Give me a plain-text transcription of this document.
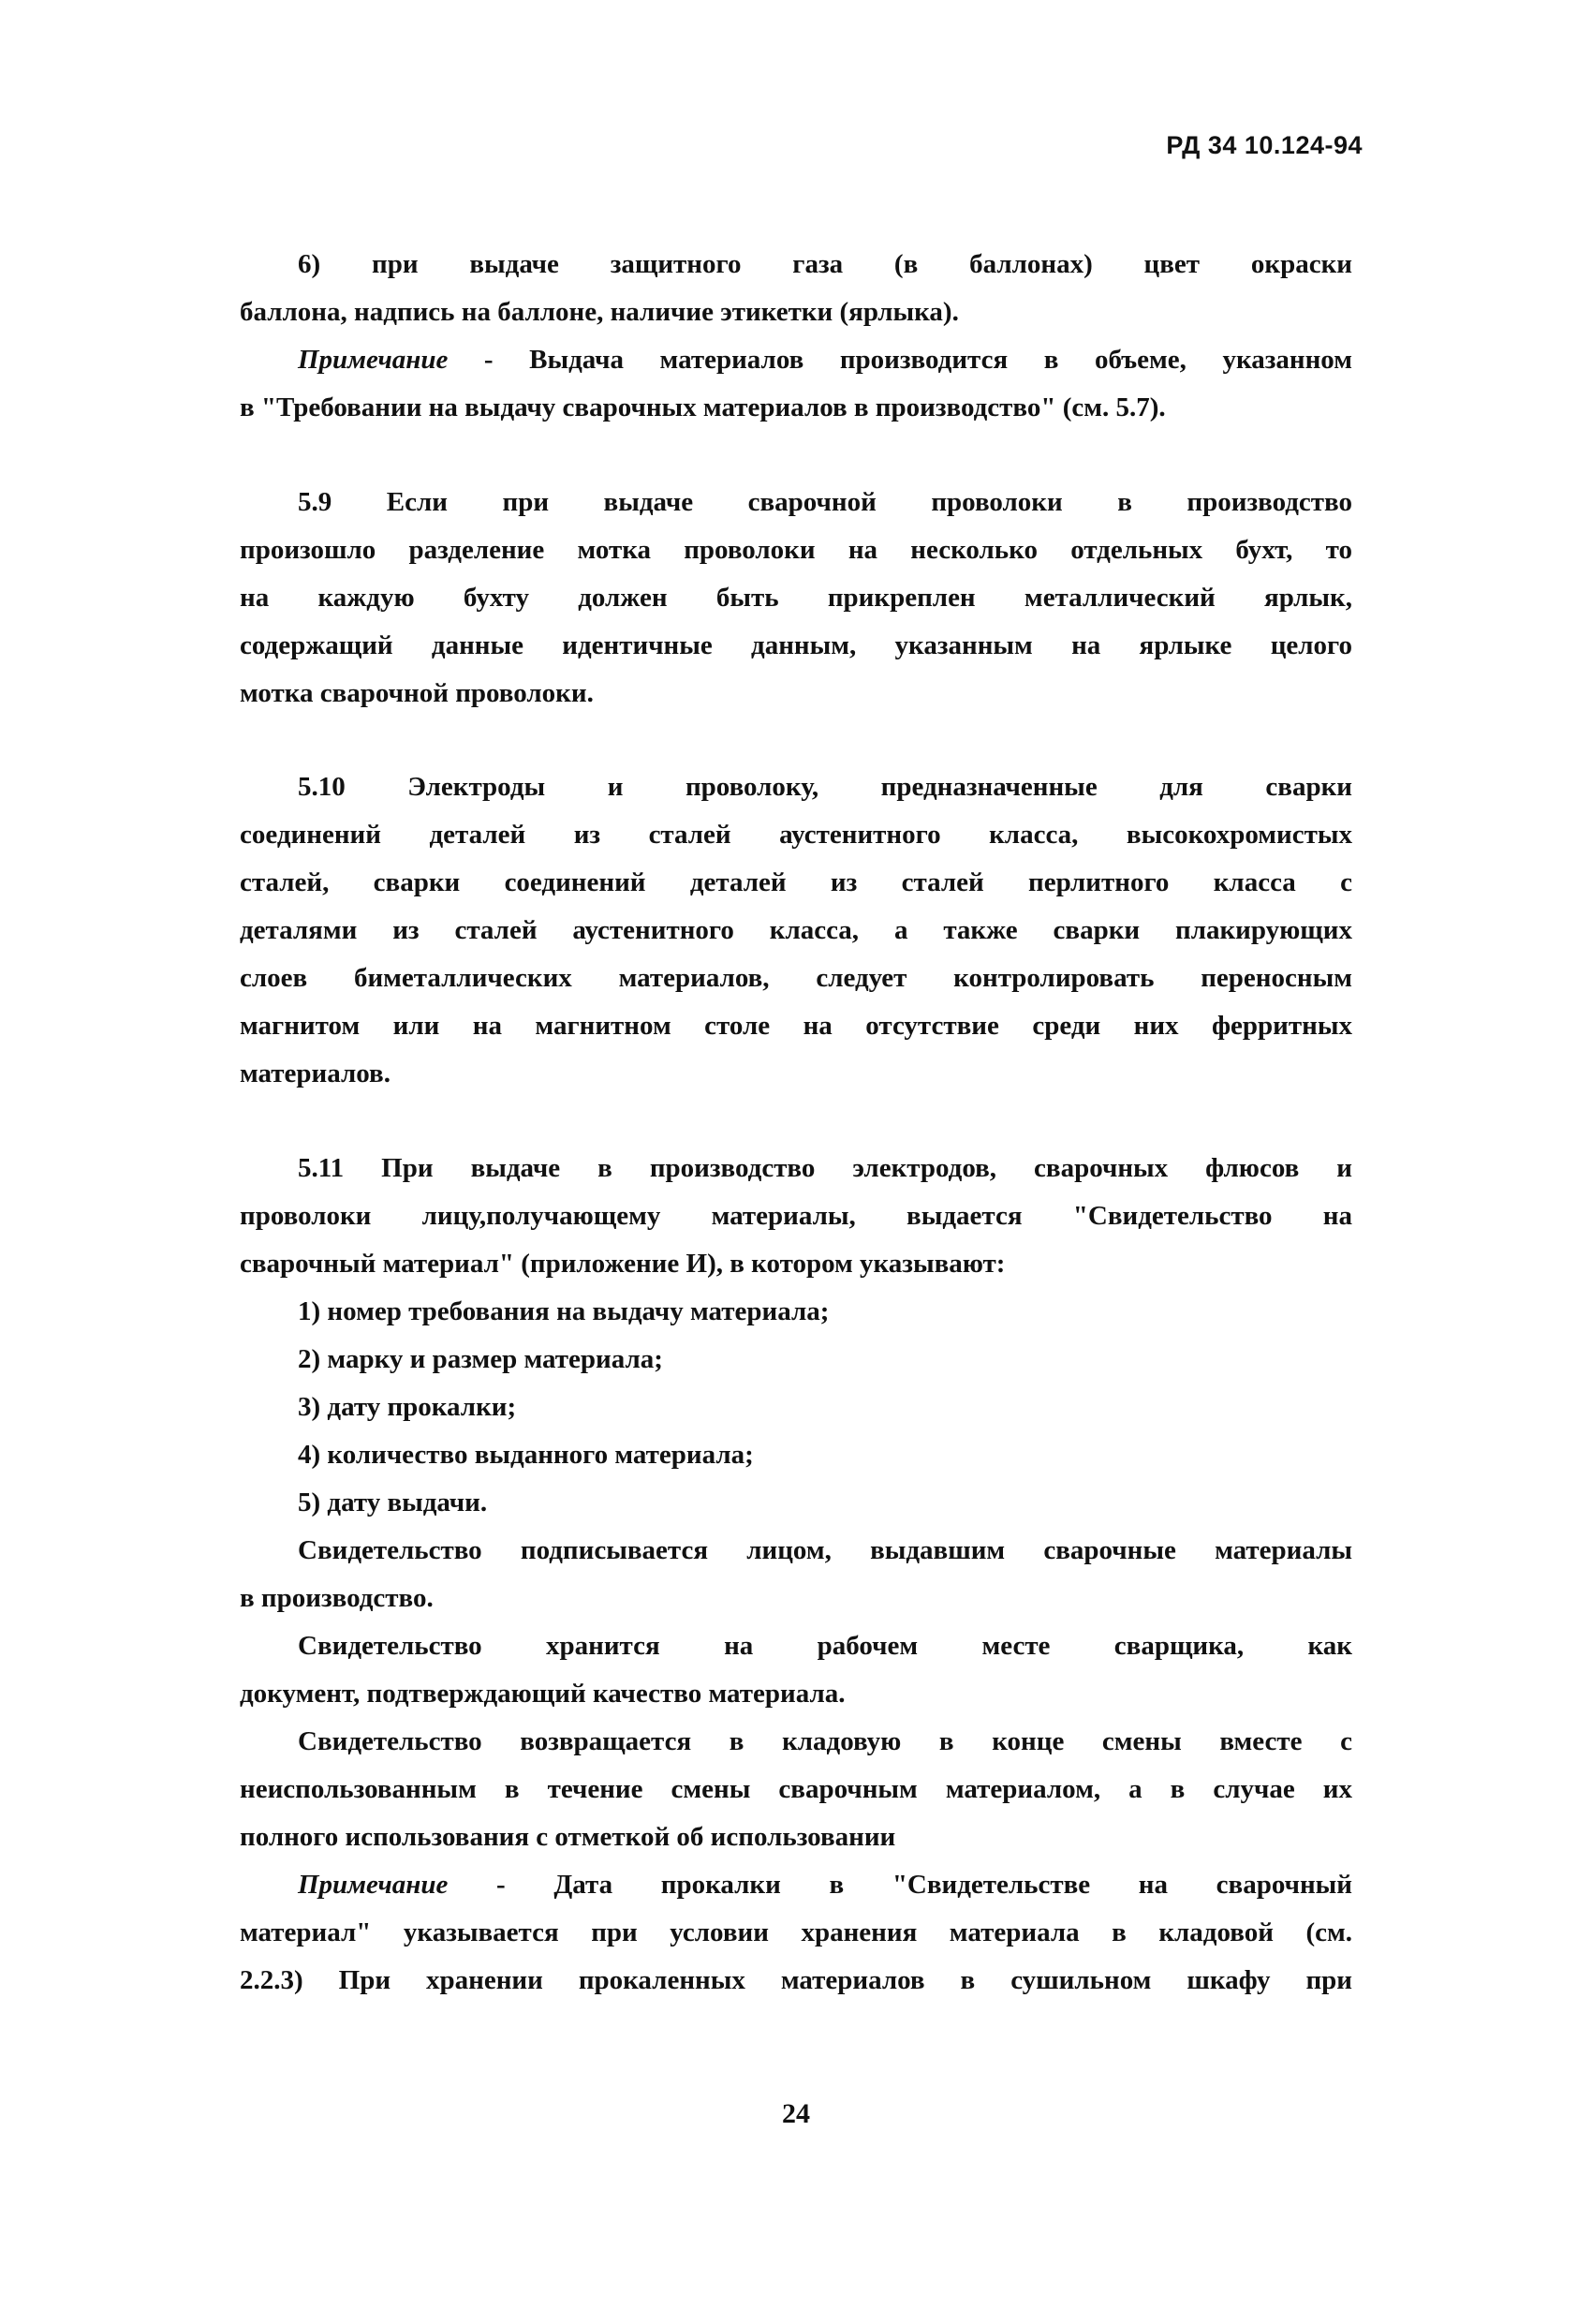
РД 34 10.124-94
6) при выдаче защитного газа (в баллонах) цвет окраски
баллона, надпись на баллоне, наличие этикетки (ярлыка).
Примечание - Выдача материалов производится в объеме, указанном
в "Требовании на выдачу сварочных материалов в производство" (см. 5.7).
5.9 Если при выдаче сварочной проволоки в производство
произошло разделение мотка проволоки на несколько отдельных бухт, то
на каждую бухту должен быть прикреплен металлический ярлык,
содержащий данные идентичные данным, указанным на ярлыке целого
мотка сварочной проволоки.
5.10 Электроды и проволоку, предназначенные для сварки
соединений деталей из сталей аустенитного класса, высокохромистых
сталей, сварки соединений деталей из сталей перлитного класса с
деталями из сталей аустенитного класса, а также сварки плакирующих
слоев биметаллических материалов, следует контролировать переносным
магнитом или на магнитном столе на отсутствие среди них ферритных
материалов.
5.11 При выдаче в производство электродов, сварочных флюсов и
проволоки лицу,получающему материалы, выдается "Свидетельство на
сварочный материал" (приложение И), в котором указывают:
1) номер требования на выдачу материала;
2) марку и размер материала;
3) дату прокалки;
4) количество выданного материала;
5) дату выдачи.
Свидетельство подписывается лицом, выдавшим сварочные материалы
в производство.
Свидетельство хранится на рабочем месте сварщика, как
документ, подтверждающий качество материала.
Свидетельство возвращается в кладовую в конце смены вместе с
неиспользованным в течение смены сварочным материалом, а в случае их
полного использования с отметкой об использовании
Примечание - Дата прокалки в "Свидетельстве на сварочный
материал" указывается при условии хранения материала в кладовой (см.
2.2.3) При хранении прокаленных материалов в сушильном шкафу при
24
